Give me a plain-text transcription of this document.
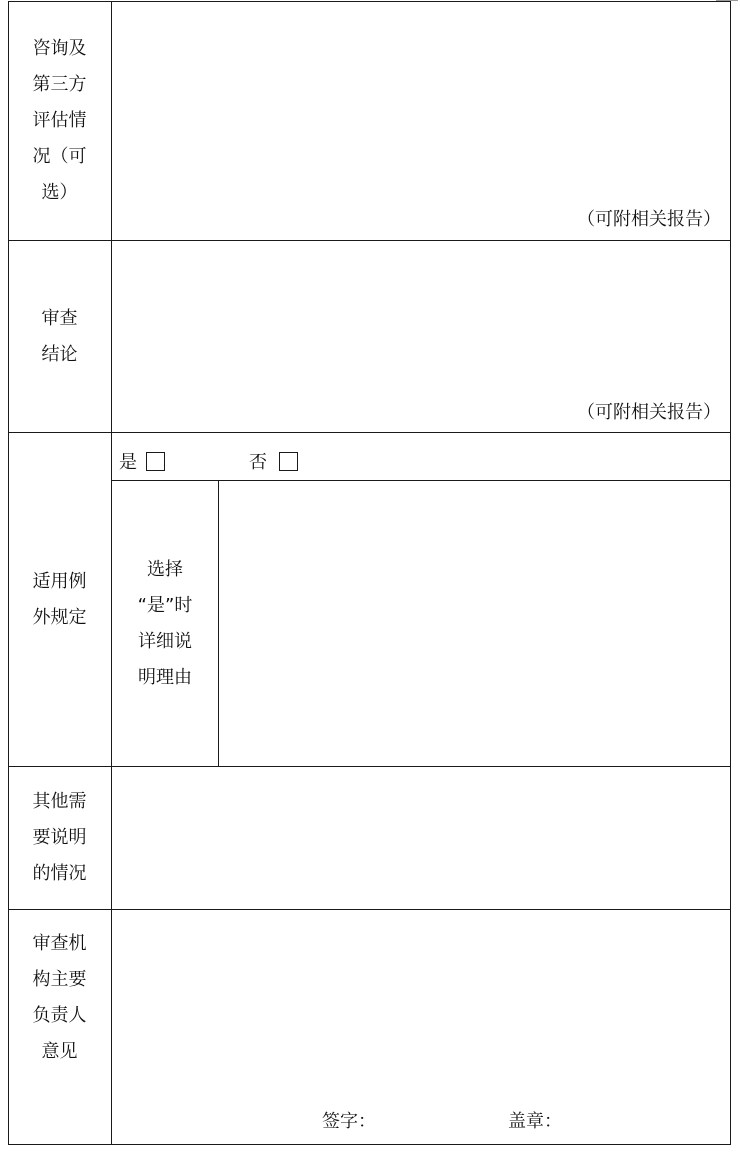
咨询及
第三方
评估情
况（可
选）
（可附相关报告）
审查
结论
（可附相关报告）
适用例
外规定
是	否
选择
“是”时
详细说
明理由
其他需
要说明
的情况
审查机
构主要
负责人
意见
签字：	盖章：
